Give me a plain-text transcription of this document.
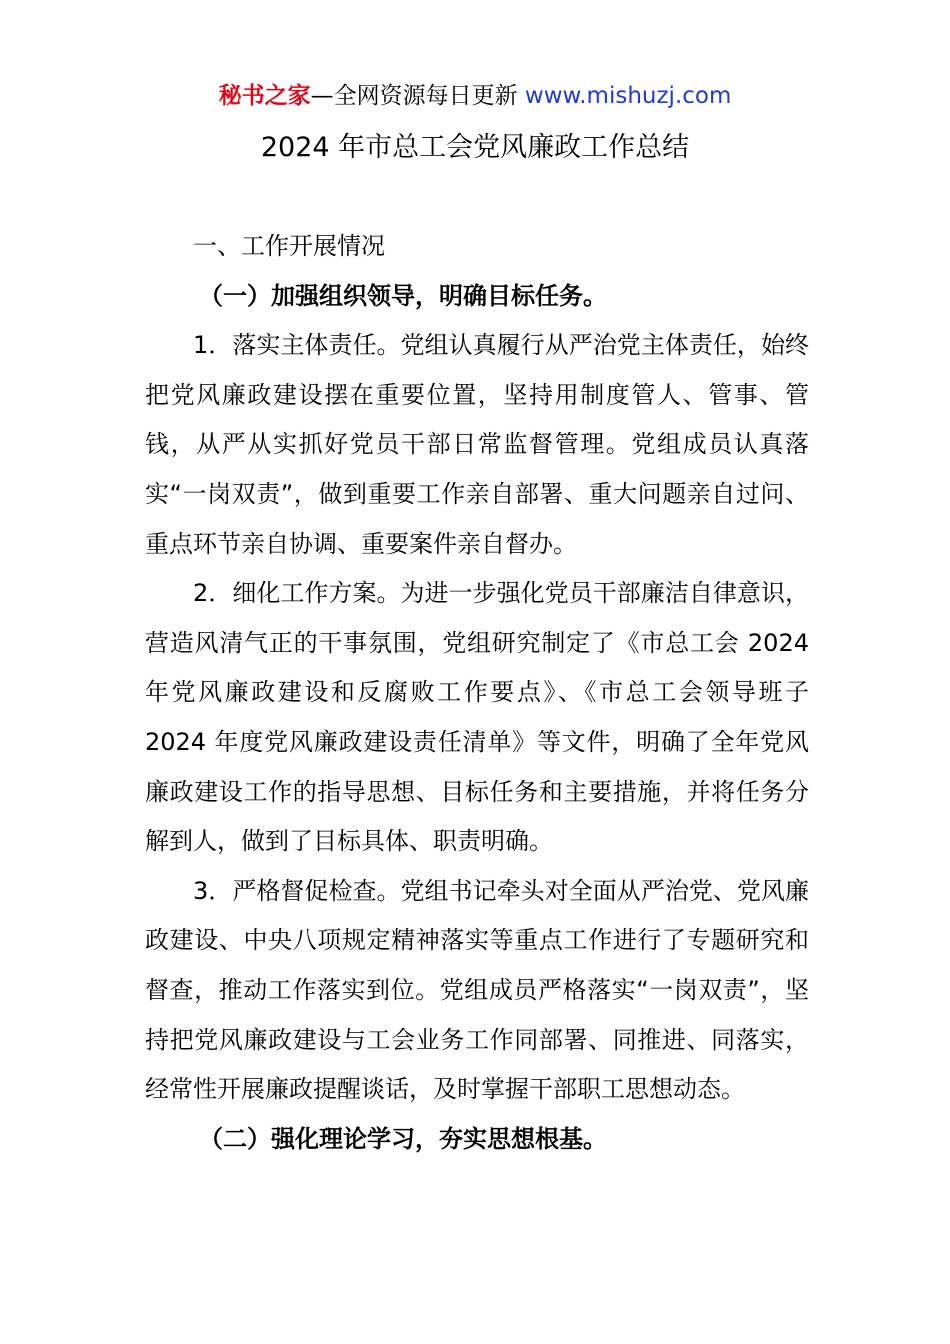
秘书之家—全网资源每日更新 www.mishuzj.com
2024 年市总工会党风廉政工作总结

一、工作开展情况

（一）加强组织领导，明确目标任务。

1．落实主体责任。党组认真履行从严治党主体责任，始终把党风廉政建设摆在重要位置，坚持用制度管人、管事、管钱，从严从实抓好党员干部日常监督管理。党组成员认真落实“一岗双责”，做到重要工作亲自部署、重大问题亲自过问、重点环节亲自协调、重要案件亲自督办。

2．细化工作方案。为进一步强化党员干部廉洁自律意识，营造风清气正的干事氛围，党组研究制定了《市总工会 2024 年党风廉政建设和反腐败工作要点》、《市总工会领导班子 2024 年度党风廉政建设责任清单》等文件，明确了全年党风廉政建设工作的指导思想、目标任务和主要措施，并将任务分解到人，做到了目标具体、职责明确。

3．严格督促检查。党组书记牵头对全面从严治党、党风廉政建设、中央八项规定精神落实等重点工作进行了专题研究和督查，推动工作落实到位。党组成员严格落实“一岗双责”，坚持把党风廉政建设与工会业务工作同部署、同推进、同落实，经常性开展廉政提醒谈话，及时掌握干部职工思想动态。

（二）强化理论学习，夯实思想根基。
